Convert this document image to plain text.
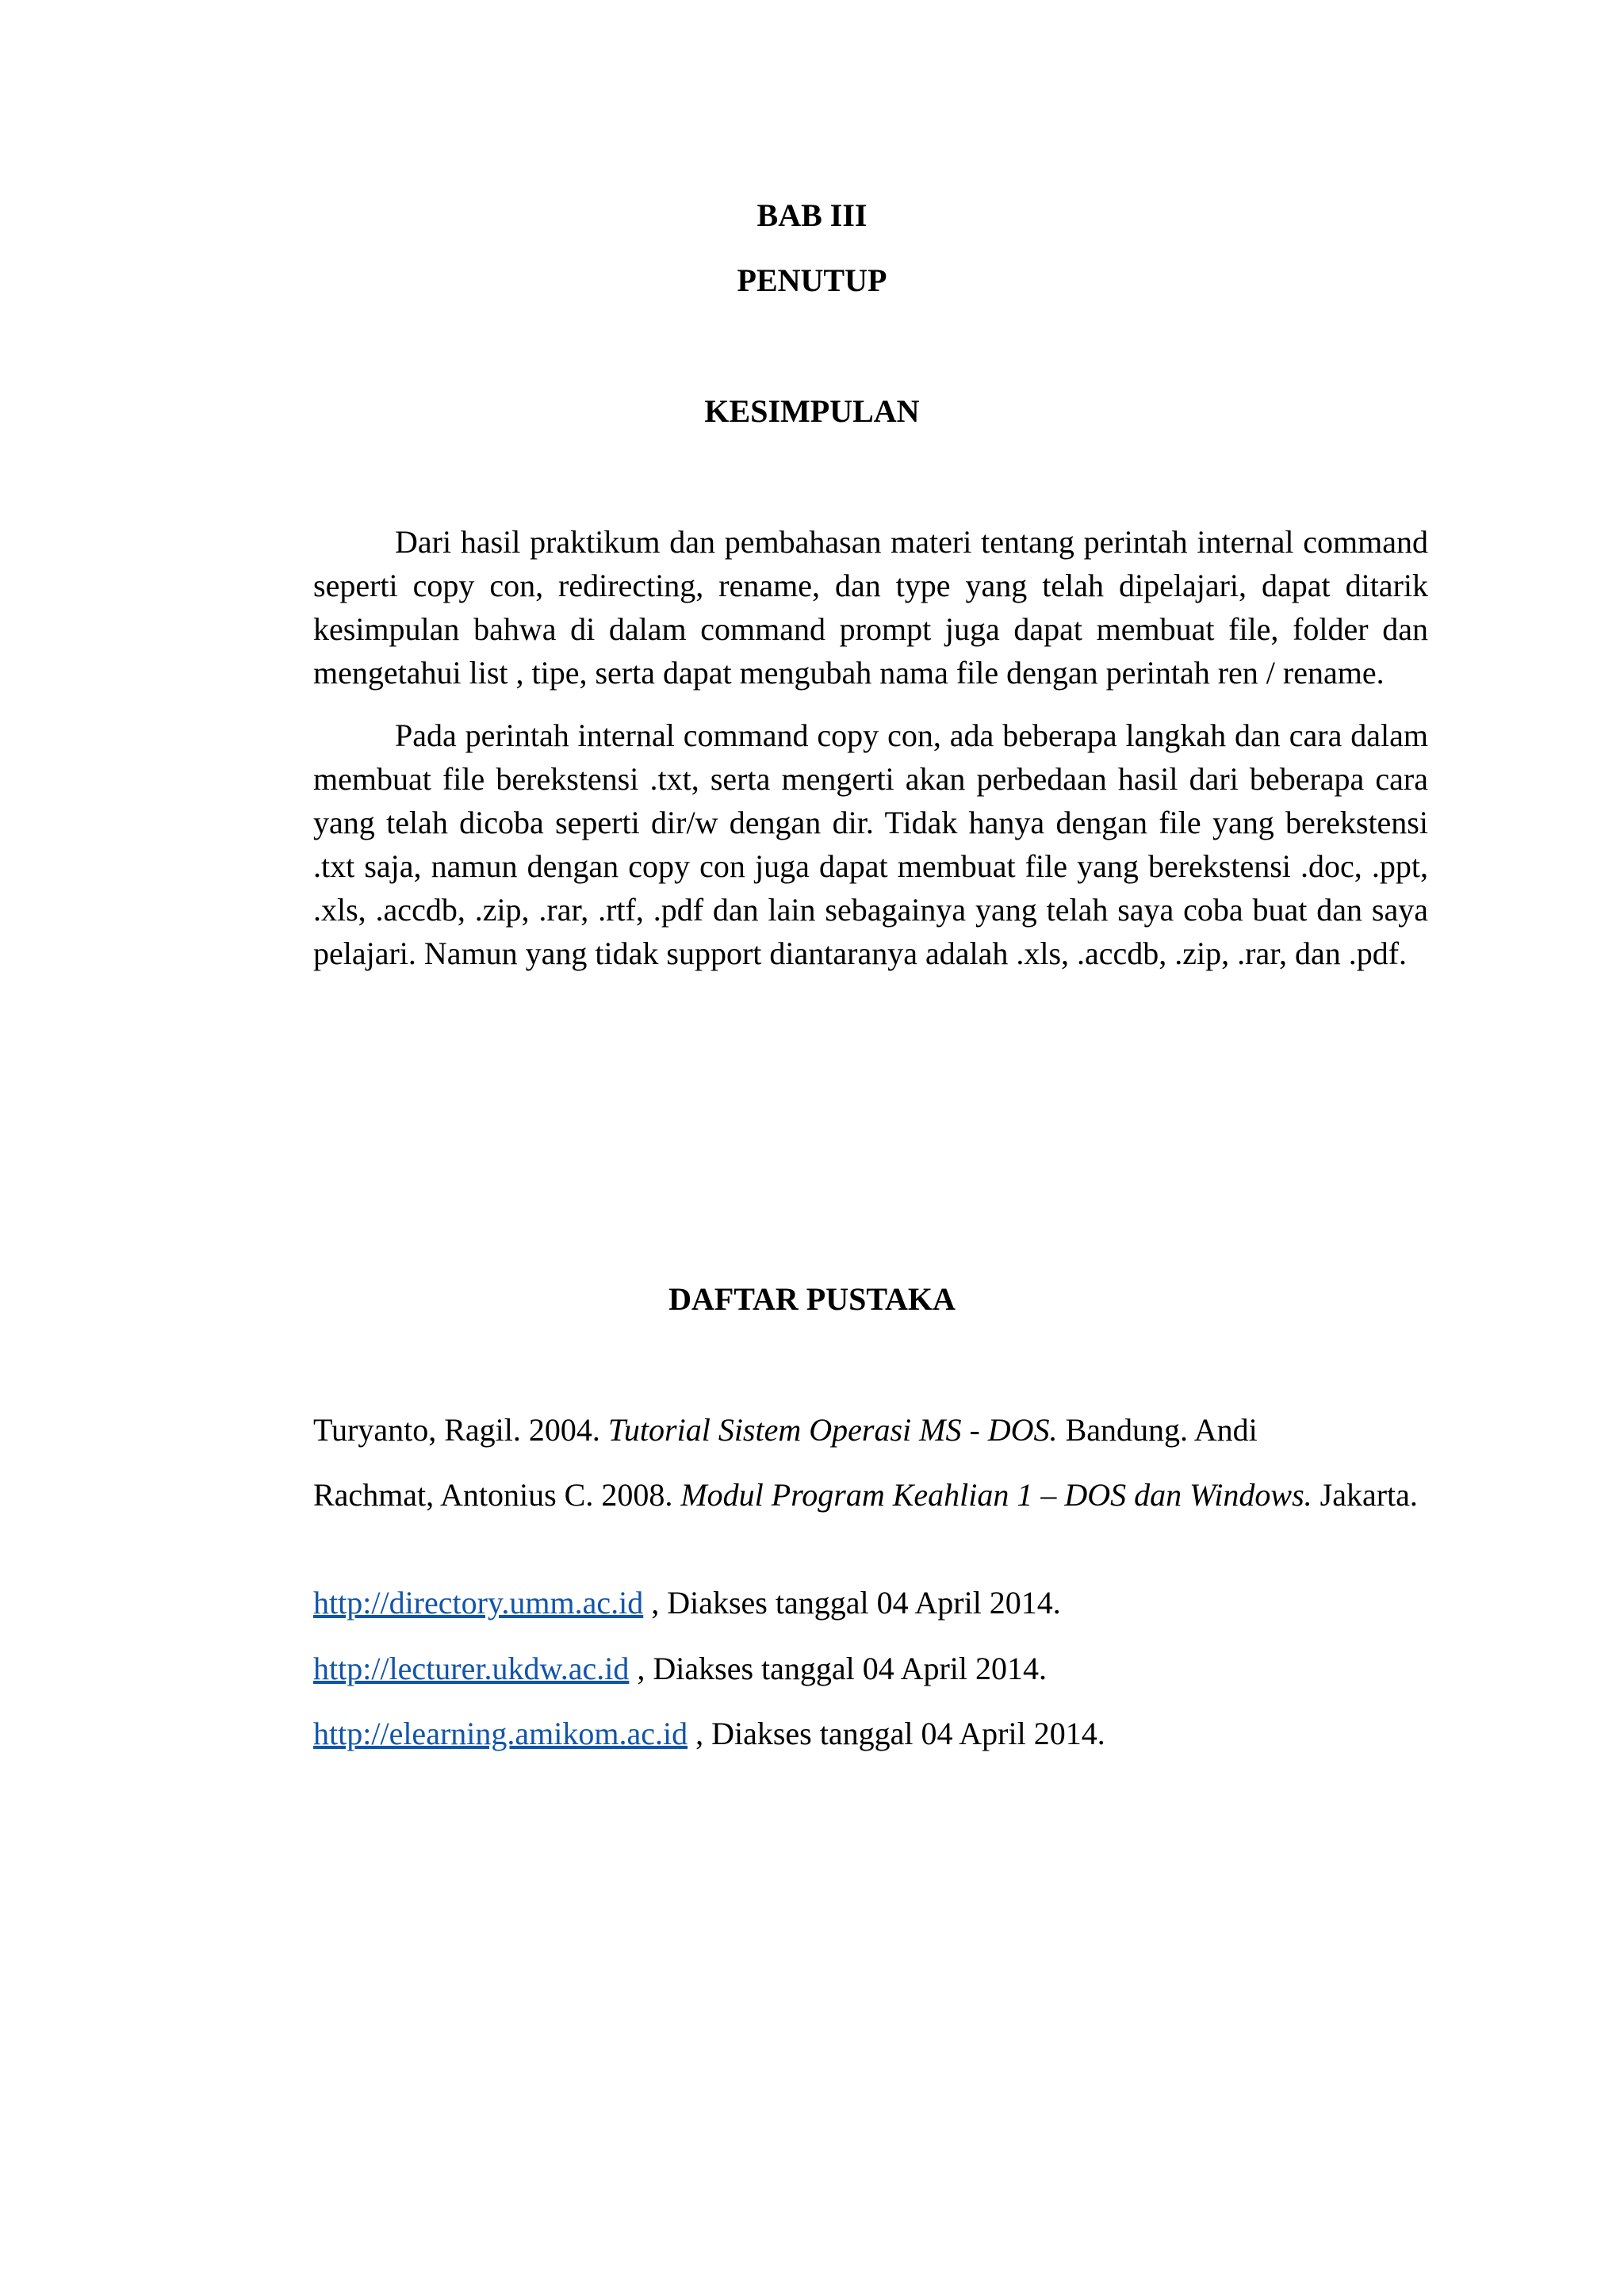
BAB III
PENUTUP
KESIMPULAN

Dari hasil praktikum dan pembahasan materi tentang perintah internal command seperti copy con, redirecting, rename, dan type yang telah dipelajari, dapat ditarik kesimpulan bahwa di dalam command prompt juga dapat membuat file, folder dan mengetahui list , tipe, serta dapat mengubah nama file dengan perintah ren / rename.

Pada perintah internal command copy con, ada beberapa langkah dan cara dalam membuat file berekstensi .txt, serta mengerti akan perbedaan hasil dari beberapa cara yang telah dicoba seperti dir/w dengan dir. Tidak hanya dengan file yang berekstensi .txt saja, namun dengan copy con juga dapat membuat file yang berekstensi .doc, .ppt, .xls, .accdb, .zip, .rar, .rtf, .pdf dan lain sebagainya yang telah saya coba buat dan saya pelajari. Namun yang tidak support diantaranya adalah .xls, .accdb, .zip, .rar, dan .pdf.

DAFTAR PUSTAKA

Turyanto, Ragil. 2004. Tutorial Sistem Operasi MS - DOS. Bandung. Andi

Rachmat, Antonius C. 2008. Modul Program Keahlian 1 – DOS dan Windows. Jakarta.

http://directory.umm.ac.id , Diakses tanggal 04 April 2014.

http://lecturer.ukdw.ac.id , Diakses tanggal 04 April 2014.

http://elearning.amikom.ac.id , Diakses tanggal 04 April 2014.
